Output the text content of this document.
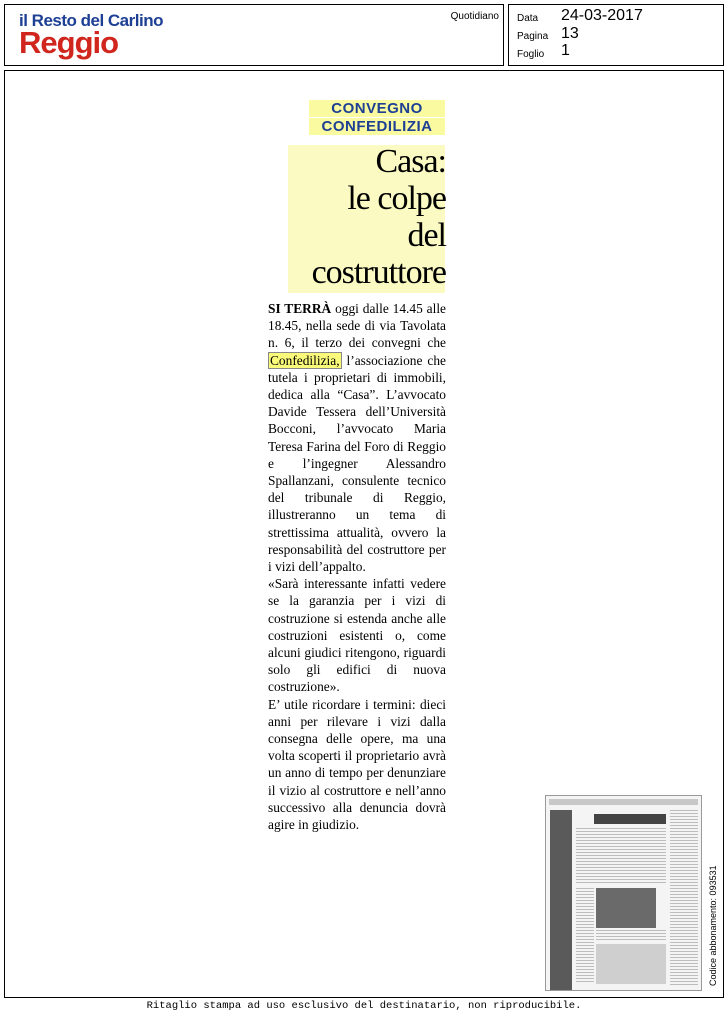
il Resto del Carlino
Reggio
Quotidiano Data 24-03-2017
Pagina 13
Foglio 1
CONVEGNO
CONFEDILIZIA
Casa:
le colpe
del
costruttore

SI TERRÀ oggi dalle 14.45 alle 18.45, nella sede di via Tavolata n. 6, il terzo dei convegni che Confedilizia, l’associazione che tutela i proprietari di immobili, dedica alla “Casa”. L’avvocato Davide Tessera dell’Università Bocconi, l’avvocato Maria Teresa Farina del Foro di Reggio e l’ingegner Alessandro Spallanzani, consulente tecnico del tribunale di Reggio, illustreranno un tema di strettissima attualità, ovvero la responsabilità del costruttore per i vizi dell’appalto.

«Sarà interessante infatti vedere se la garanzia per i vizi di costruzione si estenda anche alle costruzioni esistenti o, come alcuni giudici ritengono, riguardi solo gli edifici di nuova costruzione».

E’ utile ricordare i termini: dieci anni per rilevare i vizi dalla consegna delle opere, ma una volta scoperti il proprietario avrà un anno di tempo per denunziare il vizio al costruttore e nell’anno successivo alla denuncia dovrà agire in giudizio.

Codice abbonamento: 093531
Ritaglio stampa ad uso esclusivo del destinatario, non riproducibile.
